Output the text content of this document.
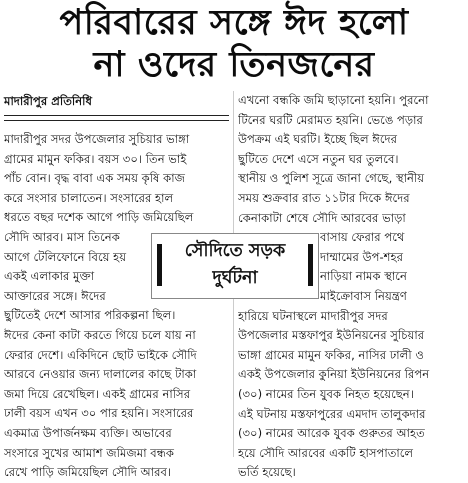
পরিবারের সঙ্গে ঈদ হলো
না ওদের তিনজনের
মাদারীপুর প্রতিনিধি

মাদারীপুর সদর উপজেলার সুচিয়ার ভাঙ্গা

গ্রামের মামুন ফকির। বয়স ৩০। তিন ভাই

পাঁচ বোন। বৃদ্ধ বাবা এক সময় কৃষি কাজ

করে সংসার চালাতেন। সংসারের হাল

ধরতে বছর দশেক আগে পাড়ি জমিয়েছিল

সৌদি আরব। মাস তিনেক

আগে টেলিফোনে বিয়ে হয়

একই এলাকার মুক্তা

আক্তারের সঙ্গে। ঈদের

ছুটিতেই দেশে আসার পরিকল্পনা ছিল।

ঈদের কেনা কাটা করতে গিয়ে চলে যায় না

ফেরার দেশে। একিদিনে ছোট ভাইকে সৌদি

আরবে নেওয়ার জন্য দালালের কাছে টাকা

জমা দিয়ে রেখেছিল। একই গ্রামের নাসির

ঢালী বয়স এখন ৩০ পার হয়নি। সংসারের

একমাত্র উপার্জনক্ষম ব্যক্তি। অভাবের

সংসারে সুখের আমাশ জমিজমা বন্ধক

রেখে পাড়ি জমিয়েছিল সৌদি আরব।

এখনো বন্ধকি জমি ছাড়ানো হয়নি। পুরনো

টিনের ঘরটি মেরামত হয়নি। ভেঙে পড়ার

উপক্রম এই ঘরটি। ইচ্ছে ছিল ঈদের

ছুটিতে দেশে এসে নতুন ঘর তুলবে।

স্থানীয় ও পুলিশ সূত্রে জানা গেছে, স্থানীয়

সময় শুক্রবার রাত ১১টার দিকে ঈদের

কেনাকাটা শেষে সৌদি আরবের ভাড়া

বাসায় ফেরার পথে

দাম্মামের উপ-শহর

নাড়িয়া নামক স্থানে

মাইক্রোবাস নিয়ন্ত্রণ

হারিয়ে ঘটনাস্থলে মাদারীপুর সদর

উপজেলার মস্তফাপুর ইউনিয়নের সুচিয়ার

ভাঙ্গা গ্রামের মামুন ফকির, নাসির ঢালী ও

একই উপজেলার কুনিয়া ইউনিয়নের রিপন

(৩০) নামের তিন যুবক নিহত হয়েছেন।

এই ঘটনায় মস্তফাপুরের এমদাদ তালুকদার

(৩০) নামের আরেক যুবক গুরুতর আহত

হয়ে সৌদি আরবের একটি হাসপাতালে

ভর্তি হয়েছে।

সৌদিতে সড়ক
দুর্ঘটনা
